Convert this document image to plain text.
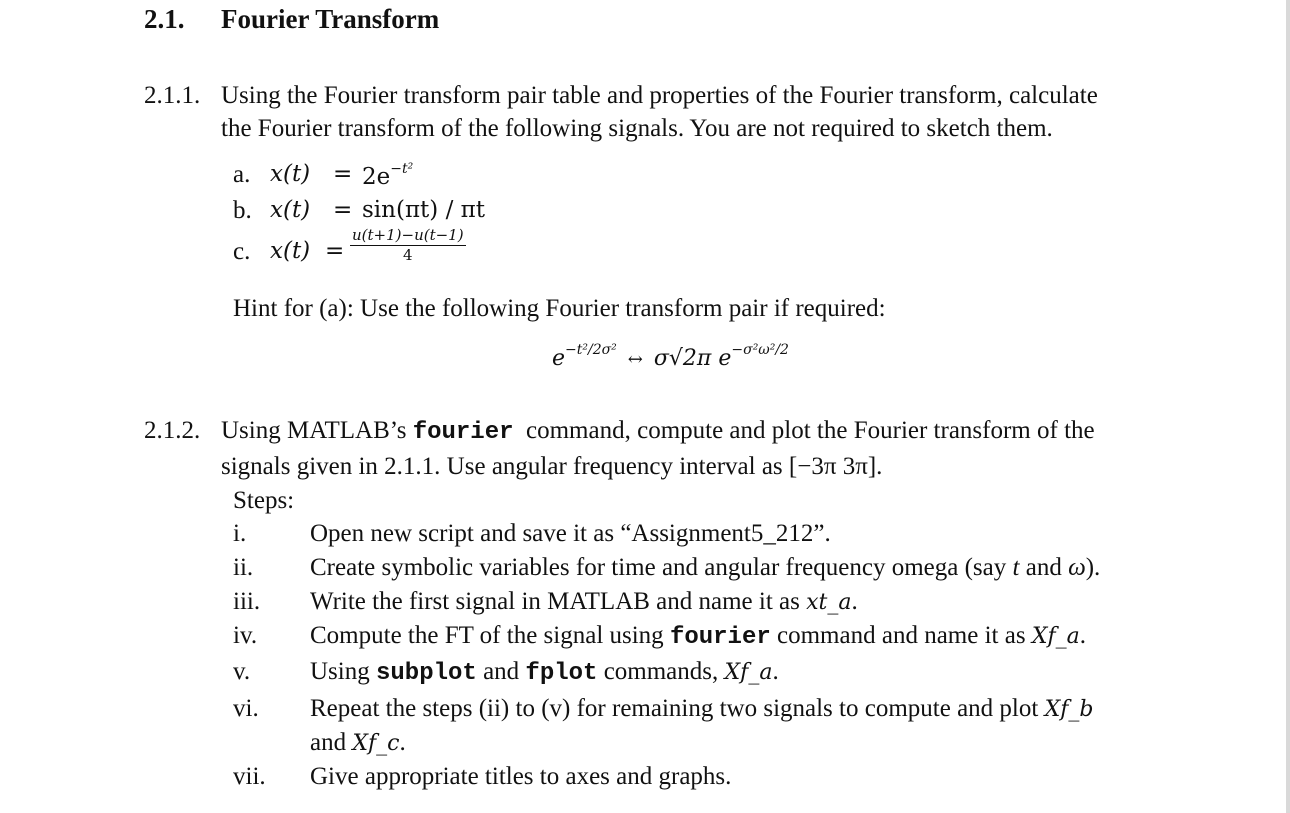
2.1. Fourier Transform
2.1.1. Using the Fourier transform pair table and properties of the Fourier transform, calculate
the Fourier transform of the following signals. You are not required to sketch them.
a. $x(t) = 2e^{-t^2}$
b. x(t) = sin(πt) / πt
c. $x(t) = \frac{u(t+1)-u(t-1)}{4}$
Hint for (a): Use the following Fourier transform pair if required:
$e^{-t^2/2\sigma^2}$ ↔ σ√2π $e^{-\sigma^2\omega^2/2}$
2.1.2. Using MATLAB’s fourier command, compute and plot the Fourier transform of the
signals given in 2.1.1. Use angular frequency interval as [−3π 3π].
Steps:
i.	Open new script and save it as “Assignment5_212”.
ii. Create symbolic variables for time and angular frequency omega (say t and ω).
iii. Write the first signal in MATLAB and name it as xt_a.
iv. Compute the FT of the signal using fourier command and name it as Xf_a.
v. Using subplot and fplot commands, Xf_a.
vi. Repeat the steps (ii) to (v) for remaining two signals to compute and plot Xf_b
and Xf_c.
vii. Give appropriate titles to axes and graphs.
